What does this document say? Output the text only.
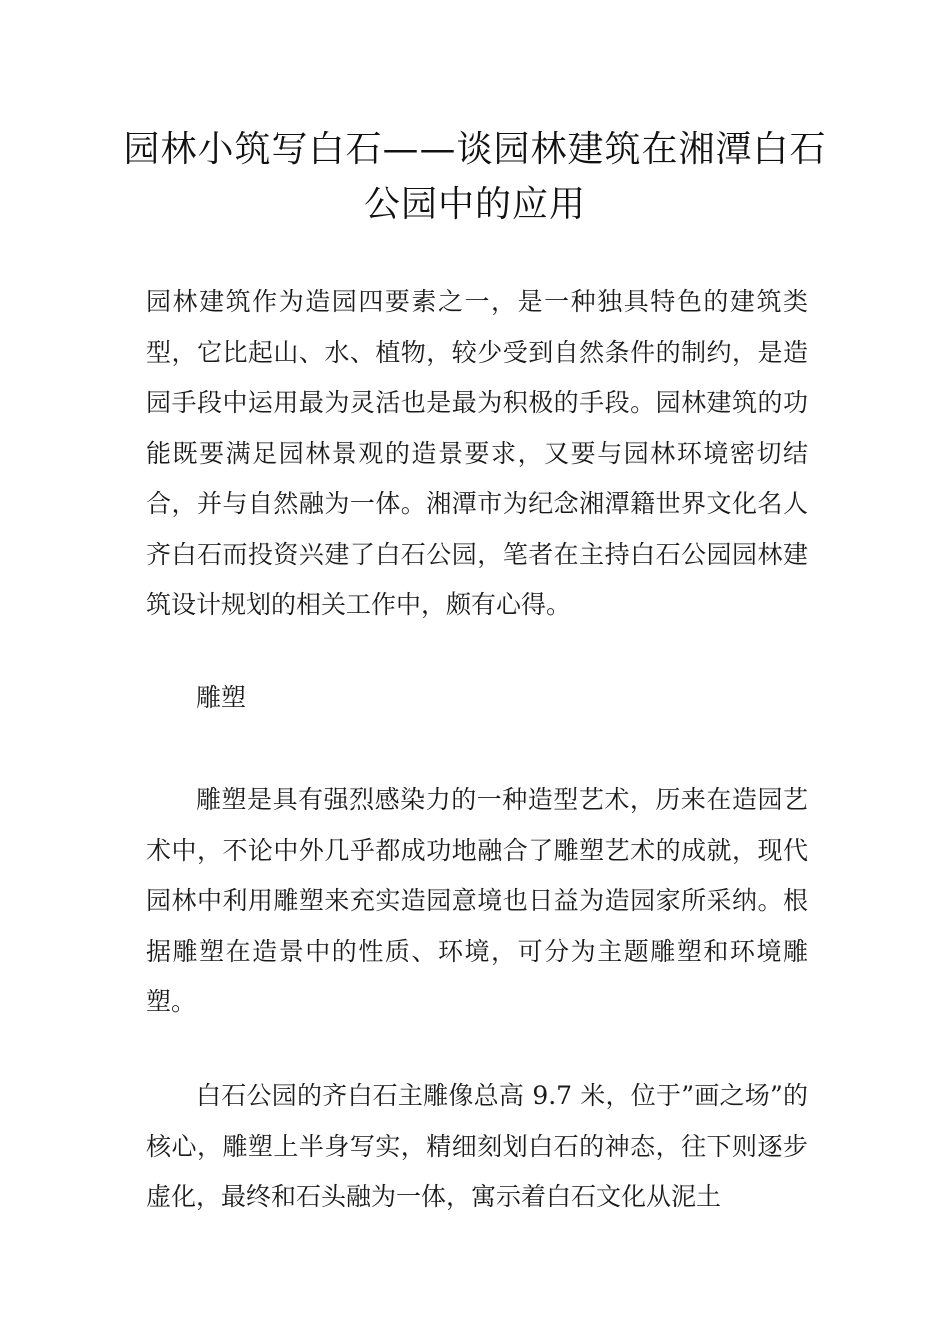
园林小筑写白石——谈园林建筑在湘潭白石公园中的应用

园林建筑作为造园四要素之一，是一种独具特色的建筑类型，它比起山、水、植物，较少受到自然条件的制约，是造园手段中运用最为灵活也是最为积极的手段。园林建筑的功能既要满足园林景观的造景要求，又要与园林环境密切结合，并与自然融为一体。湘潭市为纪念湘潭籍世界文化名人齐白石而投资兴建了白石公园，笔者在主持白石公园园林建筑设计规划的相关工作中，颇有心得。

雕塑

雕塑是具有强烈感染力的一种造型艺术，历来在造园艺术中，不论中外几乎都成功地融合了雕塑艺术的成就，现代园林中利用雕塑来充实造园意境也日益为造园家所采纳。根据雕塑在造景中的性质、环境，可分为主题雕塑和环境雕塑。

白石公园的齐白石主雕像总高 9.7 米，位于”画之场”的核心，雕塑上半身写实，精细刻划白石的神态，往下则逐步虚化，最终和石头融为一体，寓示着白石文化从泥土
